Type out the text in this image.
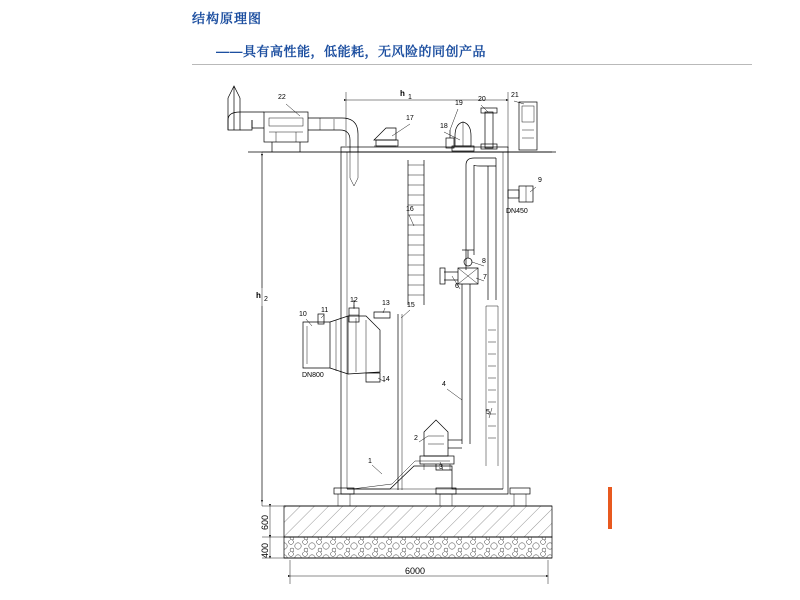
结构原理图
——具有高性能，低能耗，无风险的同创产品
h 1
h 2
600
400
6000
22
17
18
19
20
21
9
16
8
7
6
10
11
12	13
14
15
4
5
2
3
1
DN450
DN800
